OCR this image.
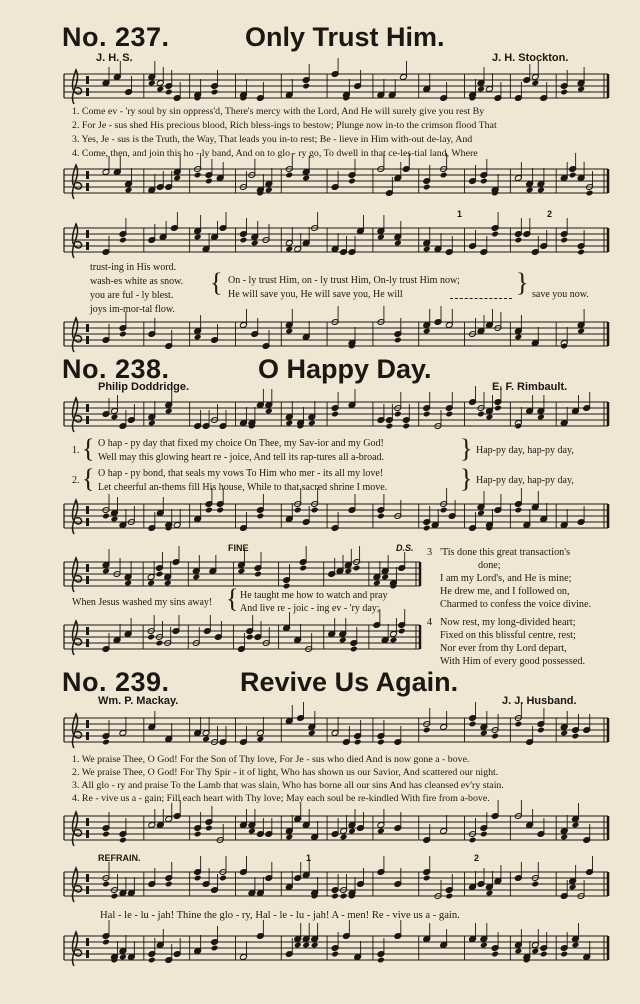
No. 237.	Only Trust Him.
J. H. S.	J. H. Stockton.
1. Come ev - 'ry soul by sin oppress'd, There's mercy with the Lord, And He will surely give you rest By
2. For Je - sus shed His precious blood, Rich bless-ings to bestow; Plunge now in-to the crimson flood That
3. Yes, Je - sus is the Truth, the Way, That leads you in-to rest; Be - lieve in Him with-out de-lay, And
4. Come, then, and join this ho - ly band, And on to glo - ry go, To dwell in that ce-les-tial land, Where
1	2
trust-ing in His word.
wash-es white as snow.
you are ful - ly blest.
joys im-mor-tal flow.
{ On - ly trust Him, on - ly trust Him, On-ly trust Him now;
He will save you, He will save you, He will	} save you now.
No. 238.	O Happy Day.
Philip Doddridge.	E. F. Rimbault.
1. { O hap - py day that fixed my choice On Thee, my Sav-ior and my God!
Well may this glowing heart re - joice, And tell its rap-tures all a-broad.	} Hap-py day, hap-py day,
2. { O hap - py bond, that seals my vows To Him who mer - its all my love!
Let cheerful an-thems fill His house, While to that sacred shrine I move.	} Hap-py day, hap-py day,
FINE	D.S.
When Jesus washed my sins away! { He taught me how to watch and pray
And live re - joic - ing ev - 'ry day;
3 'Tis done this great transaction's
done;
I am my Lord's, and He is mine;
He drew me, and I followed on,
Charmed to confess the voice divine.
4 Now rest, my long-divided heart;
Fixed on this blissful centre, rest;
Nor ever from thy Lord depart,
With Him of every good possessed.
No. 239.	Revive Us Again.
Wm. P. Mackay.	J. J. Husband.
1. We praise Thee, O God! For the Son of Thy love, For Je - sus who died And is now gone a - bove.
2. We praise Thee, O God! For Thy Spir - it of light, Who has shown us our Savior, And scattered our night.
3. All glo - ry and praise To the Lamb that was slain, Who has borne all our sins And has cleansed ev'ry stain.
4. Re - vive us a - gain; Fill each heart with Thy love; May each soul be re-kindled With fire from a-bove.
REFRAIN.	1	2
Hal - le - lu - jah! Thine the glo - ry, Hal - le - lu - jah! A - men! Re - vive us a - gain.
